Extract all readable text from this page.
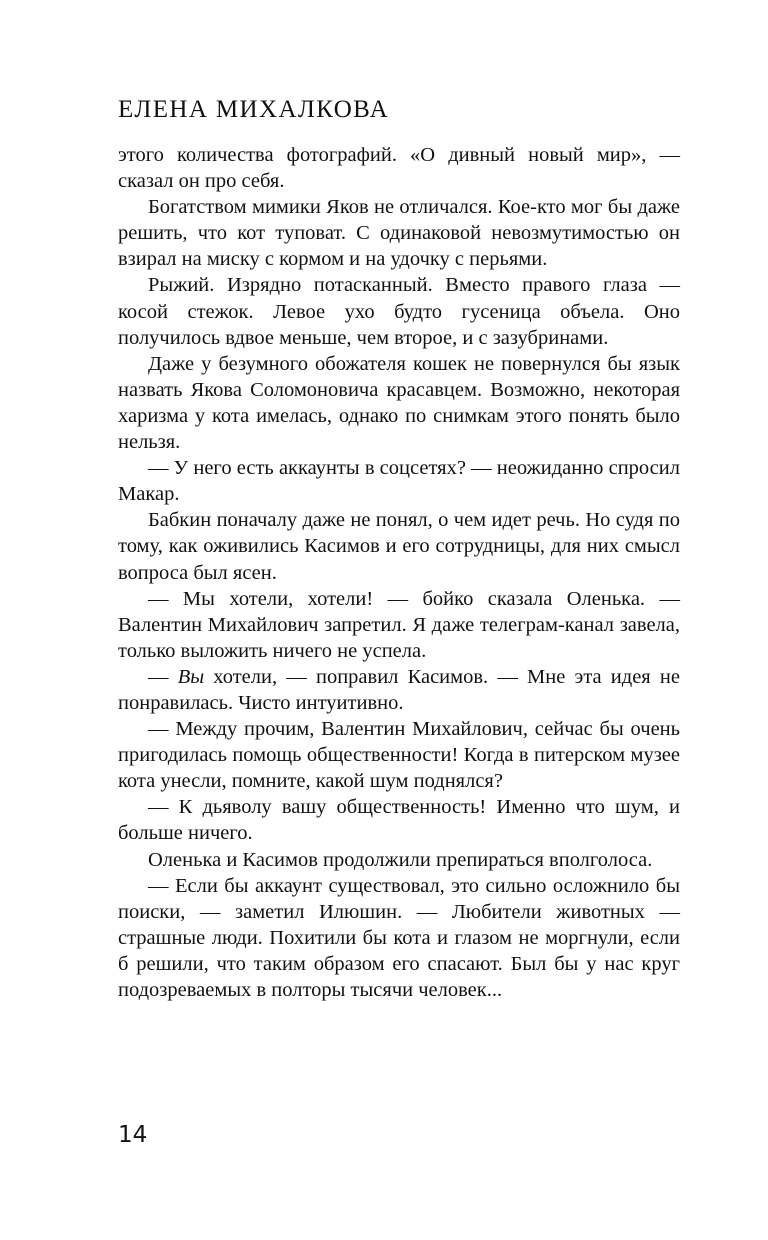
ЕЛЕНА МИХАЛКОВА

этого количества фотографий. «О дивный новый мир», — сказал он про себя.

Богатством мимики Яков не отличался. Кое-кто мог бы даже решить, что кот туповат. С одинаковой невозмутимостью он взирал на миску с кормом и на удочку с перьями.

Рыжий. Изрядно потасканный. Вместо правого глаза — косой стежок. Левое ухо будто гусеница объела. Оно получилось вдвое меньше, чем второе, и с зазубринами.

Даже у безумного обожателя кошек не повернулся бы язык назвать Якова Соломоновича красавцем. Возможно, некоторая харизма у кота имелась, однако по снимкам этого понять было нельзя.

— У него есть аккаунты в соцсетях? — неожиданно спросил Макар.

Бабкин поначалу даже не понял, о чем идет речь. Но судя по тому, как оживились Касимов и его сотрудницы, для них смысл вопроса был ясен.

— Мы хотели, хотели! — бойко сказала Оленька. — Валентин Михайлович запретил. Я даже телеграм-канал завела, только выложить ничего не успела.

— Вы хотели, — поправил Касимов. — Мне эта идея не понравилась. Чисто интуитивно.

— Между прочим, Валентин Михайлович, сейчас бы очень пригодилась помощь общественности! Когда в питерском музее кота унесли, помните, какой шум поднялся?

— К дьяволу вашу общественность! Именно что шум, и больше ничего.

Оленька и Касимов продолжили препираться вполголоса.

— Если бы аккаунт существовал, это сильно осложнило бы поиски, — заметил Илюшин. — Любители животных — страшные люди. Похитили бы кота и глазом не моргнули, если б решили, что таким образом его спасают. Был бы у нас круг подозреваемых в полторы тысячи человек...

14
